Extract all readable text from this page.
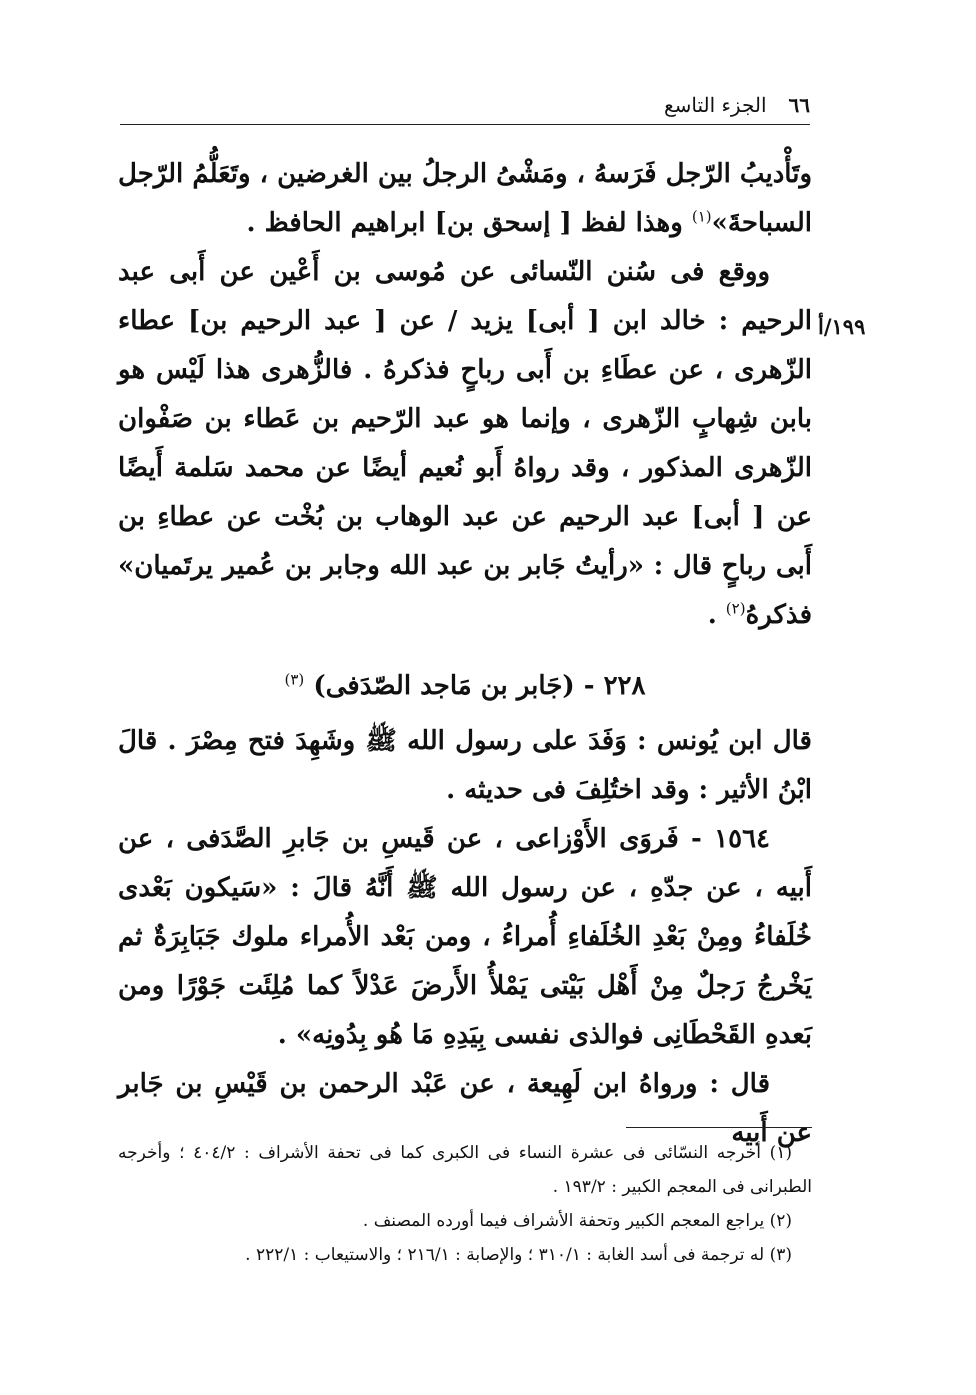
٦٦الجزء التاسع
١٩٩/أ

وتَأْديبُ الرّجل فَرَسهُ ، ومَشْىُ الرجلُ بين الغرضين ، وتَعَلُّمُ الرّجل السباحةَ»$^{(١)}$ وهذا لفظ [ إسحق بن] ابراهيم الحافظ .

ووقع فى سُنن النّسائى عن مُوسى بن أَعْين عن أَبى عبد الرحيم : خالد ابن [ أبى] يزيد / عن [ عبد الرحيم بن] عطاء الزّهرى ، عن عطَاءِ بن أَبى رباحٍ فذكرهُ . فالزُّهرى هذا لَيْس هو بابن شِهابٍ الزّهرى ، وإنما هو عبد الرّحيم بن عَطاء بن صَفْوان الزّهرى المذكور ، وقد رواهُ أَبو نُعيم أيضًا عن محمد سَلمة أَيضًا عن [ أبى] عبد الرحيم عن عبد الوهاب بن بُخْت عن عطاءِ بن أَبى رباحٍ قال : «رأيتُ جَابر بن عبد الله وجابر بن عُمير يرتَميان» فذكرهُ$^{(٢)}$ .

٢٢٨ - (جَابر بن مَاجد الصّدَفى) $^{(٣)}$

قال ابن يُونس : وَفَدَ على رسول الله ﷺ وشَهِدَ فتح مِصْرَ . قالَ ابْنُ الأثير : وقد اختُلِفَ فى حديثه .

١٥٦٤ - فَروَى الأَوْزاعى ، عن قَيسِ بن جَابرِ الصَّدَفى ، عن أَبيه ، عن جدّهِ ، عن رسول الله ﷺ أَنَّهُ قالَ : «سَيكون بَعْدى خُلَفاءُ ومِنْ بَعْدِ الخُلَفاءِ أُمراءُ ، ومن بَعْد الأُمراء ملوك جَبَابِرَةٌ ثم يَخْرجُ رَجلٌ مِنْ أَهْل بَيْتى يَمْلأُ الأَرضَ عَدْلاً كما مُلِئَت جَوْرًا ومن بَعدهِ القَحْطَانِى فوالذى نفسى بِيَدِهِ مَا هُو بِدُونِه» .

قال : ورواهُ ابن لَهِيعة ، عن عَبْد الرحمن بن قَيْسِ بن جَابر عن أَبيه

(١) أخرجه النسّائى فى عشرة النساء فى الكبرى كما فى تحفة الأشراف : ٤٠٤/٢ ؛ وأخرجه الطبرانى فى المعجم الكبير : ١٩٣/٢ .

(٢) يراجع المعجم الكبير وتحفة الأشراف فيما أورده المصنف .

(٣) له ترجمة فى أسد الغابة : ٣١٠/١ ؛ والإصابة : ٢١٦/١ ؛ والاستيعاب : ٢٢٢/١ .
